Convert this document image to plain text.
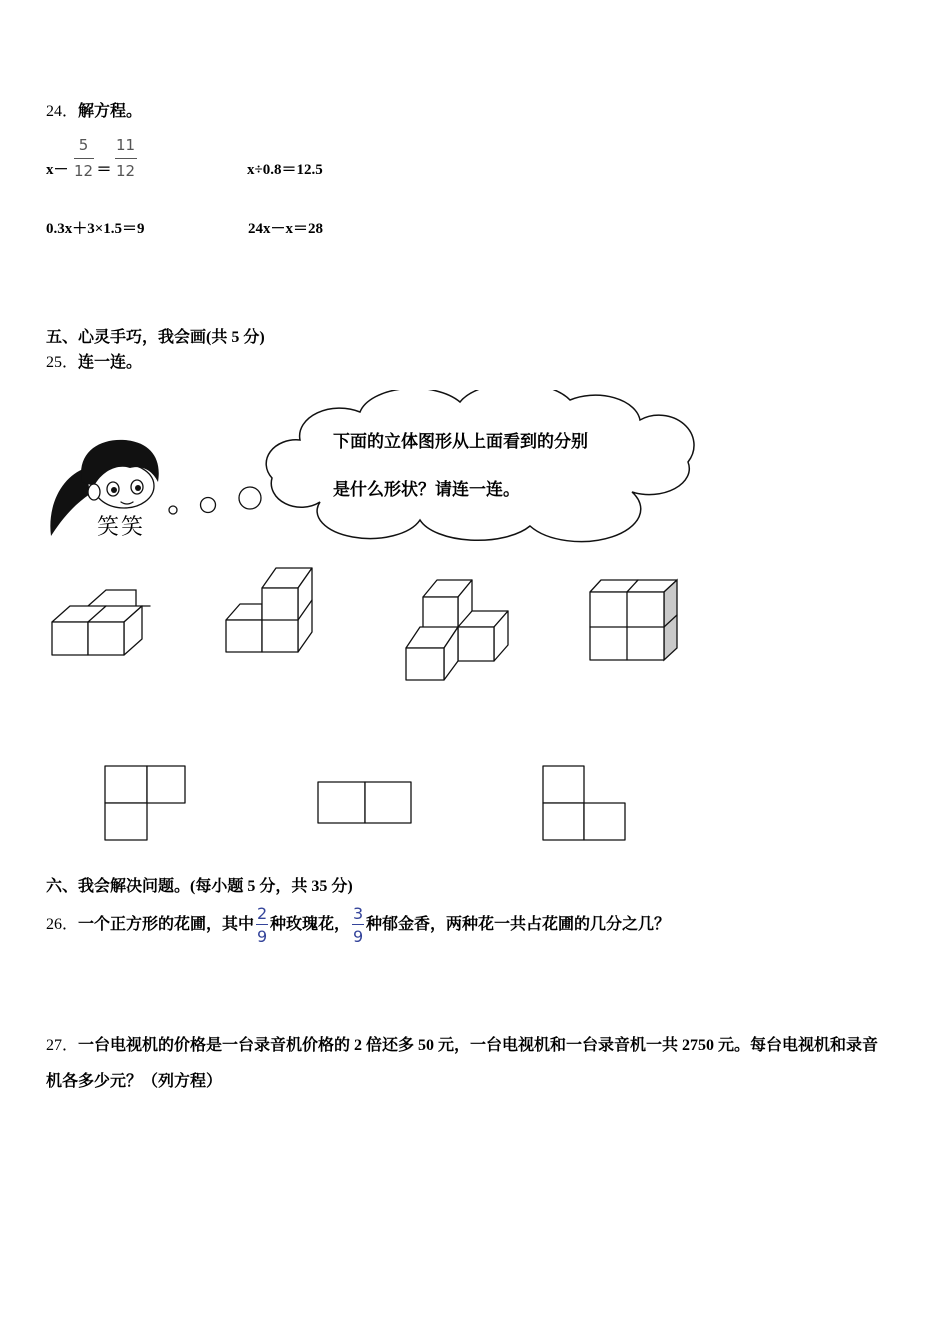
24．解方程。
$x- \frac{5}{12} = \frac{11}{12}$	x÷0.8＝12.5
0.3x＋3×1.5＝9	24x－x＝28
五、心灵手巧，我会画(共 5 分)
25．连一连。
笑笑
下面的立体图形从上面看到的分别
是什么形状？请连一连。
六、我会解决问题。(每小题 5 分，共 35 分)
26． 一个正方形的花圃，其中 $\frac{2}{9}$ 种玫瑰花， $\frac{3}{9}$ 种郁金香，两种花一共占花圃的几分之几？
27．一台电视机的价格是一台录音机价格的 2 倍还多 50 元，一台电视机和一台录音机一共 2750 元。每台电视机和录音
机各多少元？（列方程）
